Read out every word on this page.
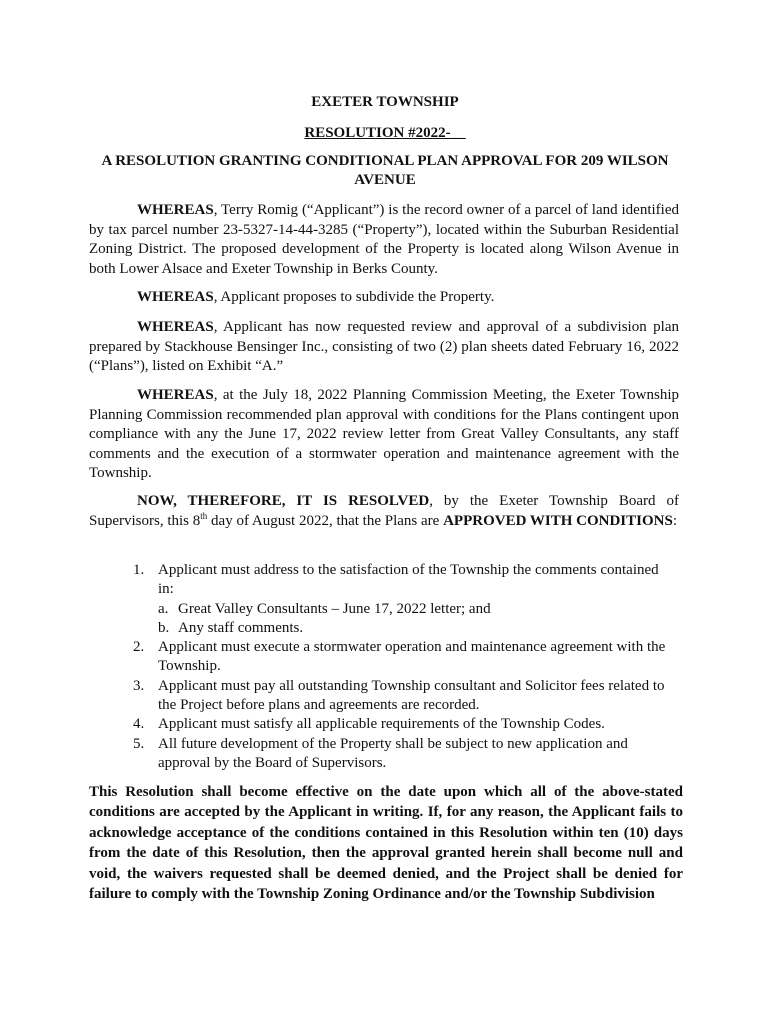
EXETER TOWNSHIP
RESOLUTION #2022-__
A RESOLUTION GRANTING CONDITIONAL PLAN APPROVAL FOR 209 WILSON AVENUE
WHEREAS, Terry Romig (“Applicant”) is the record owner of a parcel of land identified by tax parcel number 23-5327-14-44-3285 (“Property”), located within the Suburban Residential Zoning District. The proposed development of the Property is located along Wilson Avenue in both Lower Alsace and Exeter Township in Berks County.
WHEREAS, Applicant proposes to subdivide the Property.
WHEREAS, Applicant has now requested review and approval of a subdivision plan prepared by Stackhouse Bensinger Inc., consisting of two (2) plan sheets dated February 16, 2022 (“Plans”), listed on Exhibit “A.”
WHEREAS, at the July 18, 2022 Planning Commission Meeting, the Exeter Township Planning Commission recommended plan approval with conditions for the Plans contingent upon compliance with any the June 17, 2022 review letter from Great Valley Consultants, any staff comments and the execution of a stormwater operation and maintenance agreement with the Township.
NOW, THEREFORE, IT IS RESOLVED, by the Exeter Township Board of Supervisors, this 8th day of August 2022, that the Plans are APPROVED WITH CONDITIONS:
1. Applicant must address to the satisfaction of the Township the comments contained in:
a. Great Valley Consultants – June 17, 2022 letter; and
b. Any staff comments.
2. Applicant must execute a stormwater operation and maintenance agreement with the Township.
3. Applicant must pay all outstanding Township consultant and Solicitor fees related to the Project before plans and agreements are recorded.
4. Applicant must satisfy all applicable requirements of the Township Codes.
5. All future development of the Property shall be subject to new application and approval by the Board of Supervisors.
This Resolution shall become effective on the date upon which all of the above-stated conditions are accepted by the Applicant in writing. If, for any reason, the Applicant fails to acknowledge acceptance of the conditions contained in this Resolution within ten (10) days from the date of this Resolution, then the approval granted herein shall become null and void, the waivers requested shall be deemed denied, and the Project shall be denied for failure to comply with the Township Zoning Ordinance and/or the Township Subdivision
